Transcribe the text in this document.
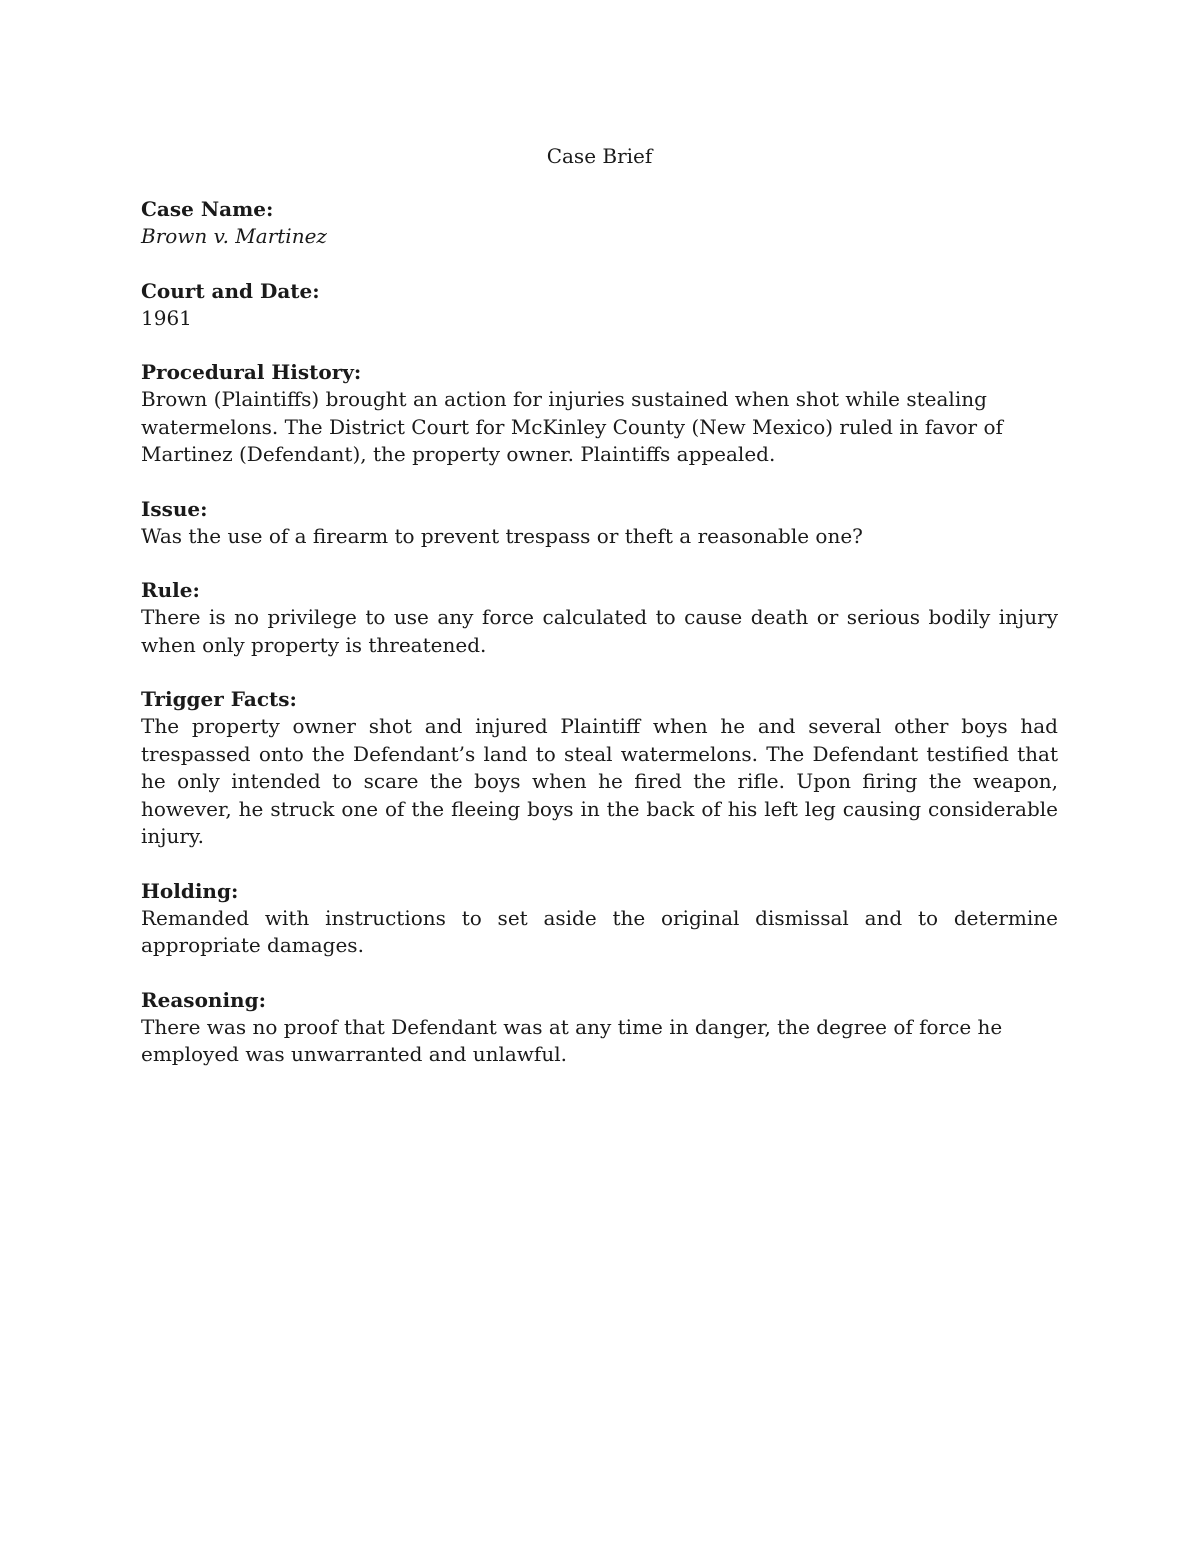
Case Brief
Case Name:
Brown v. Martinez
Court and Date:
1961
Procedural History:
Brown (Plaintiffs) brought an action for injuries sustained when shot while stealing watermelons. The District Court for McKinley County (New Mexico) ruled in favor of Martinez (Defendant), the property owner. Plaintiffs appealed.
Issue:
Was the use of a firearm to prevent trespass or theft a reasonable one?
Rule:
There is no privilege to use any force calculated to cause death or serious bodily injury when only property is threatened.
Trigger Facts:
The property owner shot and injured Plaintiff when he and several other boys had trespassed onto the Defendant’s land to steal watermelons. The Defendant testified that he only intended to scare the boys when he fired the rifle. Upon firing the weapon, however, he struck one of the fleeing boys in the back of his left leg causing considerable injury.
Holding:
Remanded with instructions to set aside the original dismissal and to determine appropriate damages.
Reasoning:
There was no proof that Defendant was at any time in danger, the degree of force he employed was unwarranted and unlawful.
